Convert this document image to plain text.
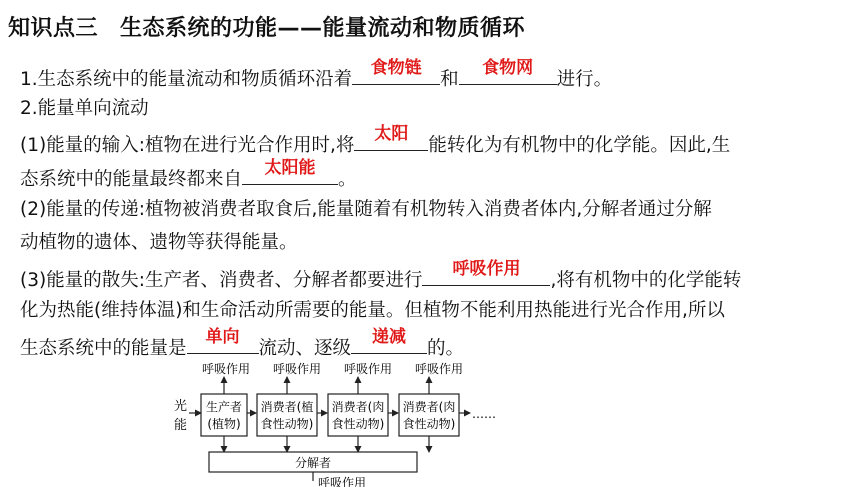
知识点三 生态系统的功能——能量流动和物质循环
1.生态系统中的能量流动和物质循环沿着
食物链
和
食物网
进行。
2.能量单向流动
(1)能量的输入:植物在进行光合作用时,将
太阳
能转化为有机物中的化学能。因此,生
态系统中的能量最终都来自
太阳能
。
(2)能量的传递:植物被消费者取食后,能量随着有机物转入消费者体内,分解者通过分解
动植物的遗体、遗物等获得能量。
(3)能量的散失:生产者、消费者、分解者都要进行
呼吸作用
,将有机物中的化学能转
化为热能(维持体温)和生命活动所需要的能量。但植物不能利用热能进行光合作用,所以
生态系统中的能量是
单向
流动、逐级
递减
的。
光
能
生产者
(植物)
消费者(植
食性动物)
消费者(肉
食性动物)
消费者(肉
食性动物)
……
呼吸作用 呼吸作用 呼吸作用 呼吸作用
分解者
呼吸作用
